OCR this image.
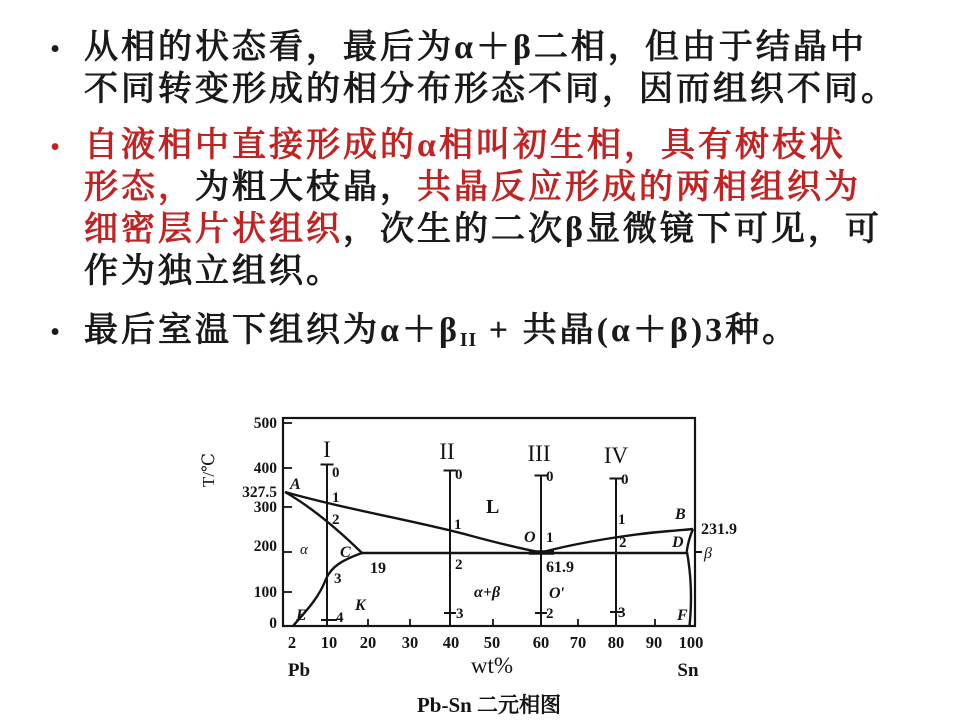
• 从相的状态看，最后为α＋β二相，但由于结晶中
不同转变形成的相分布形态不同，因而组织不同。
• 自液相中直接形成的α相叫初生相，具有树枝状
形态，为粗大枝晶，共晶反应形成的两相组织为
细密层片状组织，次生的二次β显微镜下可见，可
作为独立组织。
• 最后室温下组织为$\alpha+\beta_{II}$ + 共晶(α＋β)3种。
500
400
327.5
300
200
100
0
T/℃
2 10 20 30 40 50 60 70 80 90 100
Pb	wt%	Sn
Pb-Sn 二元相图
I	II	III IV
0
1
2
3
4
0
1
2
3
0
1
2
0
1
2
3
A
B
C
D
E	F
K
O
O′
α
L
α+β
β
231.9
61.9
19
